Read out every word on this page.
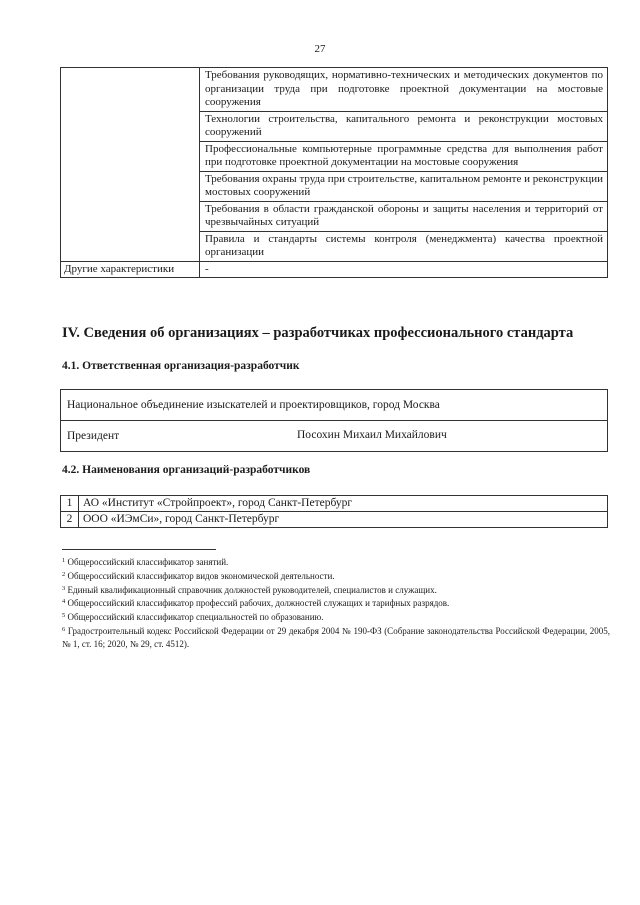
27
	Требования руководящих, нормативно-технических и методических документов по организации труда при подготовке проектной документации на мостовые сооружения
	Технологии строительства, капитального ремонта и реконструкции мостовых сооружений
	Профессиональные компьютерные программные средства для выполнения работ при подготовке проектной документации на мостовые сооружения
	Требования охраны труда при строительстве, капитальном ремонте и реконструкции мостовых сооружений
	Требования в области гражданской обороны и защиты населения и территорий от чрезвычайных ситуаций
	Правила и стандарты системы контроля (менеджмента) качества проектной организации
Другие характеристики	-
IV. Сведения об организациях – разработчиках профессионального стандарта
4.1. Ответственная организация-разработчик
Национальное объединение изыскателей и проектировщиков, город Москва
Президент	Посохин Михаил Михайлович
4.2. Наименования организаций-разработчиков
1	АО «Институт «Стройпроект», город Санкт-Петербург
2	ООО «ИЭмСи», город Санкт-Петербург
$^1$ Общероссийский классификатор занятий.
$^2$ Общероссийский классификатор видов экономической деятельности.
$^3$ Единый квалификационный справочник должностей руководителей, специалистов и служащих.
$^4$ Общероссийский классификатор профессий рабочих, должностей служащих и тарифных разрядов.
$^5$ Общероссийский классификатор специальностей по образованию.
$^6$ Градостроительный кодекс Российской Федерации от 29 декабря 2004 № 190-ФЗ (Собрание законодательства Российской Федерации, 2005, № 1, ст. 16; 2020, № 29, ст. 4512).
